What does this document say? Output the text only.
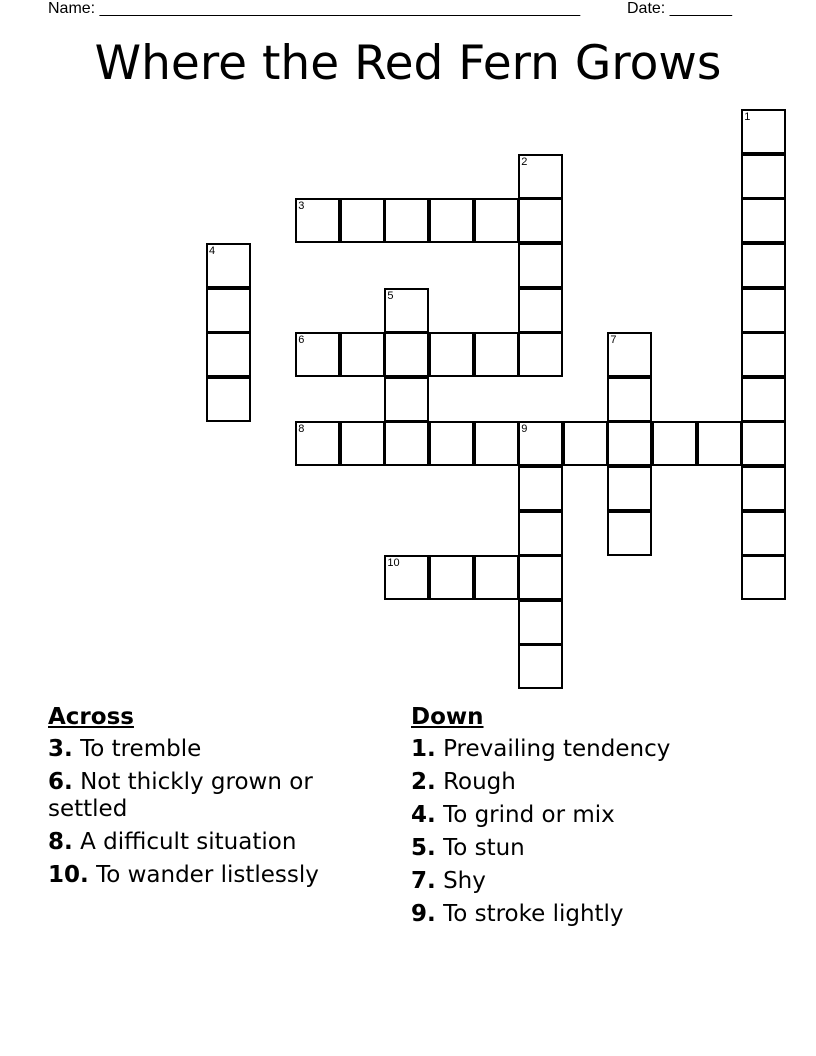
Name: ______________________________________________________	Date: _______
Where the Red Fern Grows
1
2
3
4
5
6	7
8	9
10
Across
3. To tremble
6. Not thickly grown or settled
8. A difficult situation
10. To wander listlessly
Down
1. Prevailing tendency
2. Rough
4. To grind or mix
5. To stun
7. Shy
9. To stroke lightly
